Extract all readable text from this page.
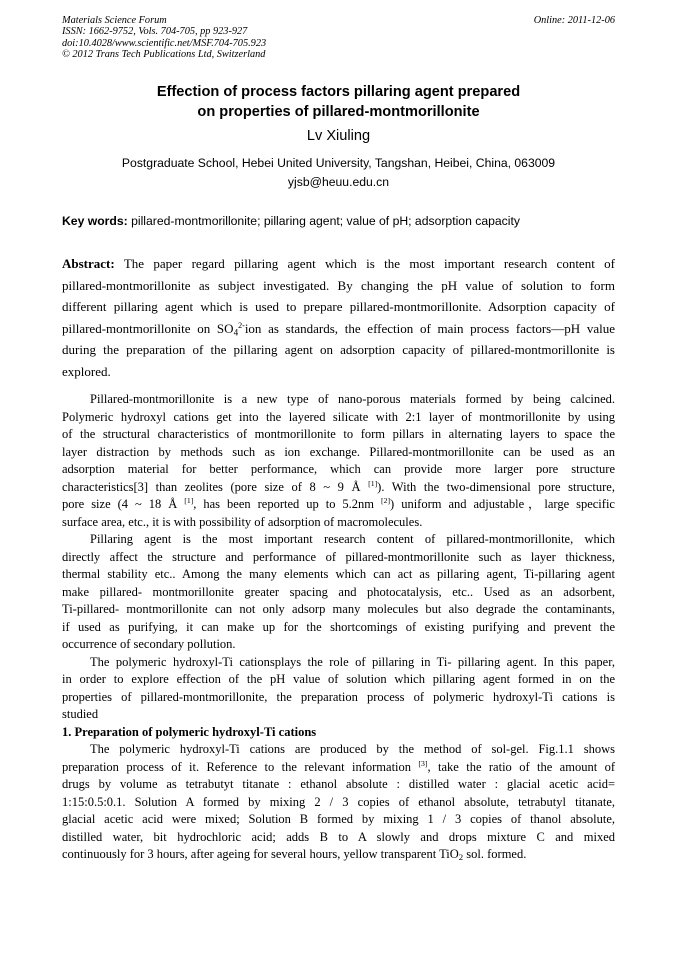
Materials Science Forum
ISSN: 1662-9752, Vols. 704-705, pp 923-927
doi:10.4028/www.scientific.net/MSF.704-705.923
© 2012 Trans Tech Publications Ltd, Switzerland
Online: 2011-12-06
Effection of process factors pillaring agent prepared
on properties of pillared-montmorillonite
Lv Xiuling
Postgraduate School, Hebei United University, Tangshan, Heibei, China, 063009
yjsb@heuu.edu.cn
Key words: pillared-montmorillonite; pillaring agent; value of pH; adsorption capacity
Abstract: The paper regard pillaring agent which is the most important research content of
pillared-montmorillonite as subject investigated. By changing the pH value of solution to form
different pillaring agent which is used to prepare pillared-montmorillonite. Adsorption capacity of
pillared-montmorillonite on $SO_4^{2-}ion$ as standards, the effection of main process factors—pH value
during the preparation of the pillaring agent on adsorption capacity of pillared-montmorillonite is
explored.
Pillared-montmorillonite is a new type of nano-porous materials formed by being calcined.
Polymeric hydroxyl cations get into the layered silicate with 2:1 layer of montmorillonite by using
of the structural characteristics of montmorillonite to form pillars in alternating layers to space the
layer distraction by methods such as ion exchange. Pillared-montmorillonite can be used as an
adsorption material for better performance, which can provide more larger pore structure
characteristics[3] than zeolites (pore size of 8 ~ 9 Å [1]). With the two-dimensional pore structure,
pore size (4 ~ 18 Å [1], has been reported up to 5.2nm [2]) uniform and adjustable，large specific
surface area, etc., it is with possibility of adsorption of macromolecules.
Pillaring agent is the most important research content of pillared-montmorillonite, which
directly affect the structure and performance of pillared-montmorillonite such as layer thickness,
thermal stability etc.. Among the many elements which can act as pillaring agent, Ti-pillaring agent
make pillared- montmorillonite greater spacing and photocatalysis, etc.. Used as an adsorbent,
Ti-pillared- montmorillonite can not only adsorp many molecules but also degrade the contaminants,
if used as purifying, it can make up for the shortcomings of existing purifying and prevent the
occurrence of secondary pollution.
The polymeric hydroxyl-Ti cationsplays the role of pillaring in Ti- pillaring agent. In this paper,
in order to explore effection of the pH value of solution which pillaring agent formed in on the
properties of pillared-montmorillonite, the preparation process of polymeric hydroxyl-Ti cations is
studied
1. Preparation of polymeric hydroxyl-Ti cations
The polymeric hydroxyl-Ti cations are produced by the method of sol-gel. Fig.1.1 shows
preparation process of it. Reference to the relevant information [3], take the ratio of the amount of
drugs by volume as tetrabutyt titanate : ethanol absolute : distilled water : glacial acetic acid=
1:15:0.5:0.1. Solution A formed by mixing 2 / 3 copies of ethanol absolute, tetrabutyl titanate,
glacial acetic acid were mixed; Solution B formed by mixing 1 / 3 copies of thanol absolute,
distilled water, bit hydrochloric acid; adds B to A slowly and drops mixture C and mixed
continuously for 3 hours, after ageing for several hours, yellow transparent TiO$_2$ sol. formed.
